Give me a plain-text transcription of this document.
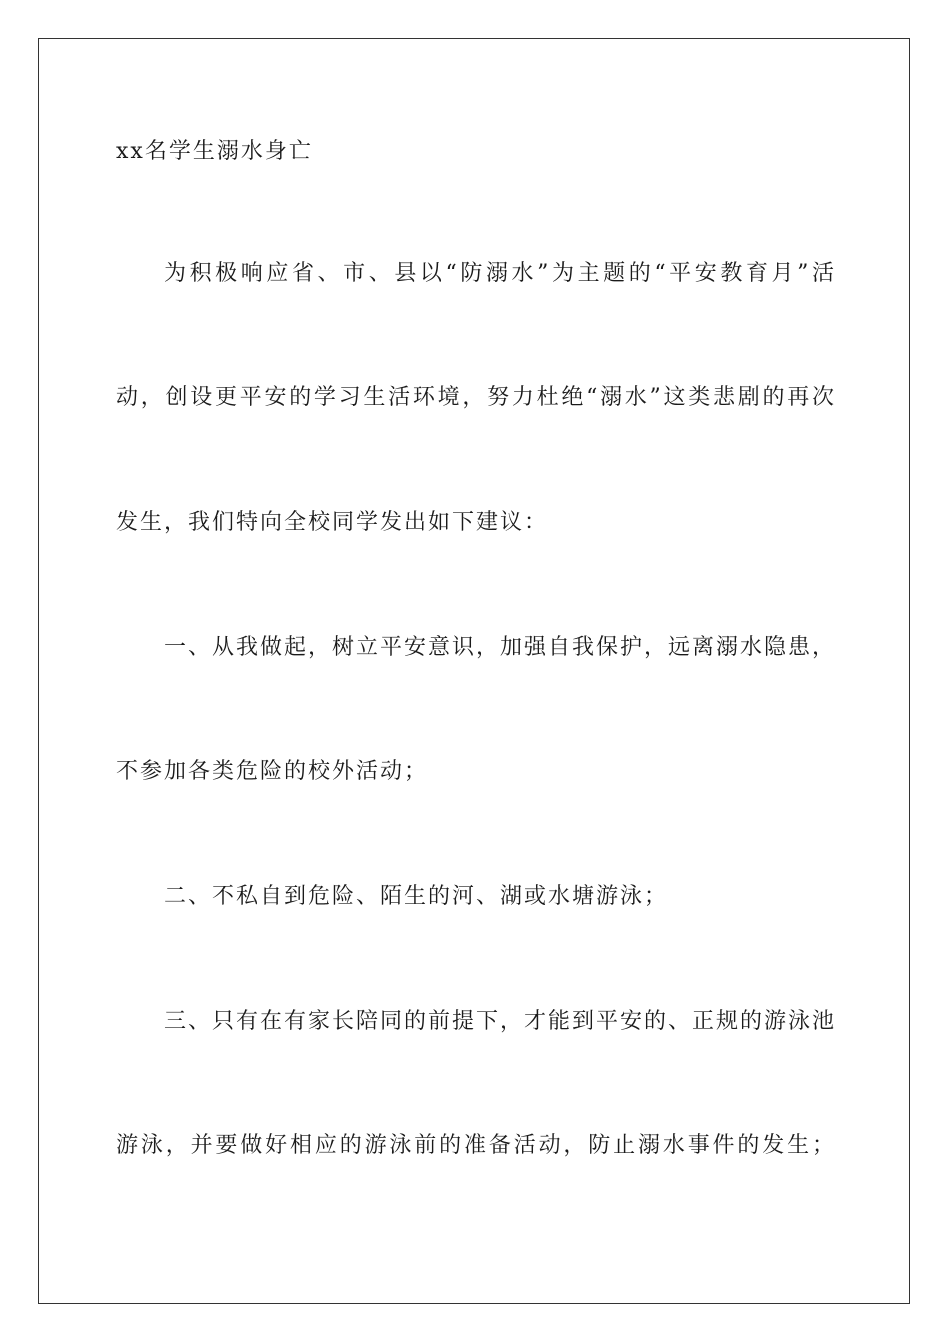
xx名学生溺水身亡
为积极响应省、市、县以“防溺水”为主题的“平安教育月”活
动，创设更平安的学习生活环境，努力杜绝“溺水”这类悲剧的再次
发生，我们特向全校同学发出如下建议：
一、从我做起，树立平安意识，加强自我保护，远离溺水隐患，
不参加各类危险的校外活动；
二、不私自到危险、陌生的河、湖或水塘游泳；
三、只有在有家长陪同的前提下，才能到平安的、正规的游泳池
游泳，并要做好相应的游泳前的准备活动，防止溺水事件的发生；
